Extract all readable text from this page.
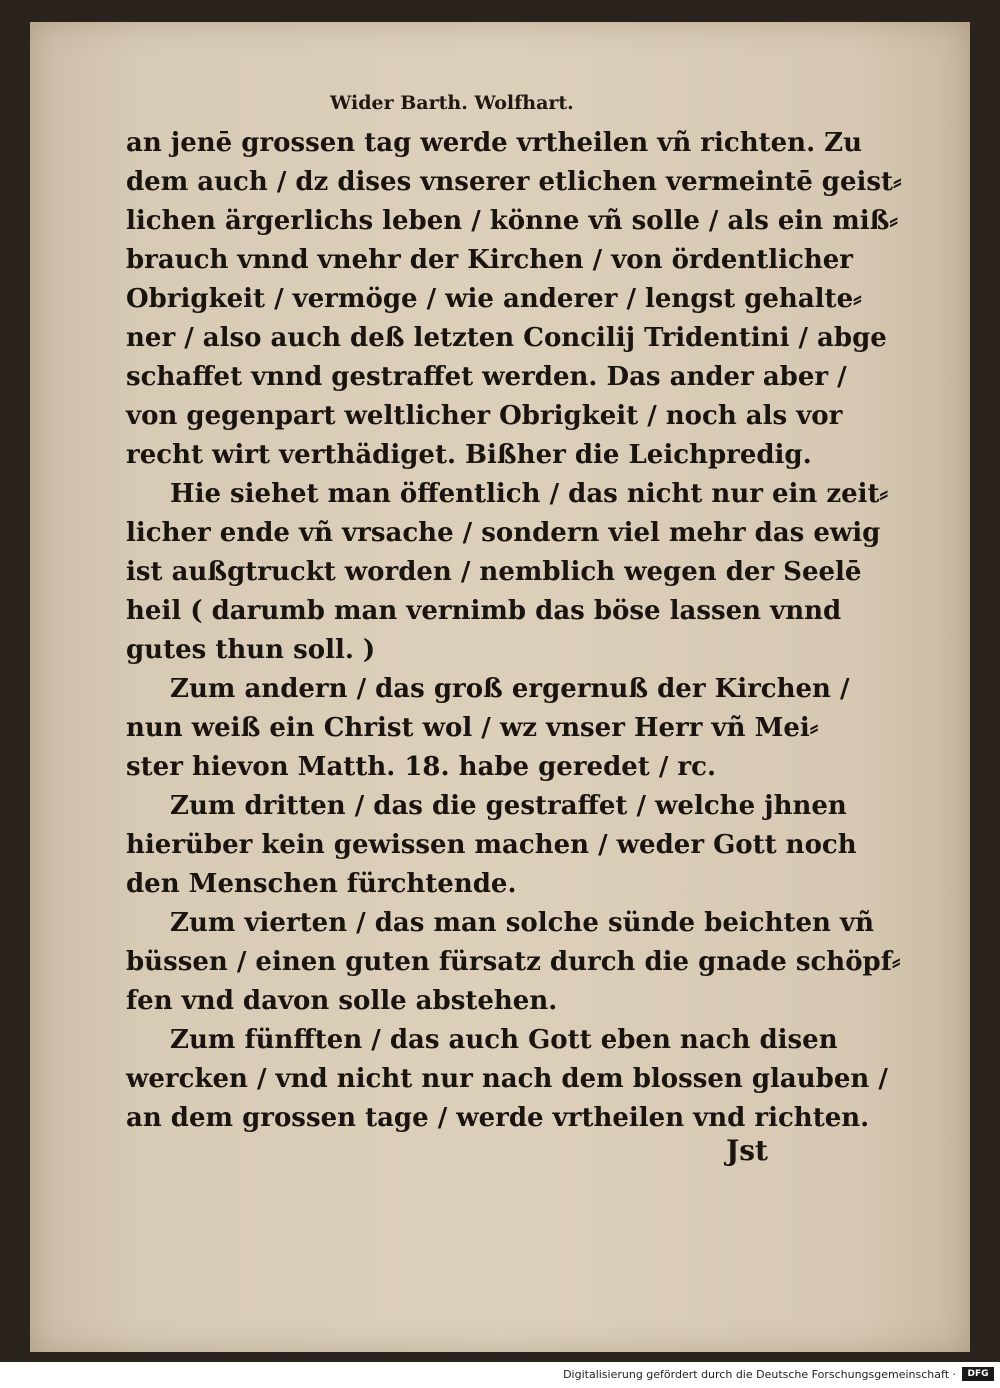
Wider Barth. Wolfhart.
an jenē grossen tag werde vrtheilen vñ richten. Zu
dem auch / dz dises vnserer etlichen vermeintē geist⸗
lichen ärgerlichs leben / könne vñ solle / als ein miß⸗
brauch vnnd vnehr der Kirchen / von ördentlicher
Obrigkeit / vermöge / wie anderer / lengst gehalte⸗
ner / also auch deß letzten Concilij Tridentini / abge
schaffet vnnd gestraffet werden. Das ander aber /
von gegenpart weltlicher Obrigkeit / noch als vor
recht wirt verthädiget. Bißher die Leichpredig.
Hie siehet man öffentlich / das nicht nur ein zeit⸗
licher ende vñ vrsache / sondern viel mehr das ewig
ist außgtruckt worden / nemblich wegen der Seelē
heil ( darumb man vernimb das böse lassen vnnd
gutes thun soll. )
Zum andern / das groß ergernuß der Kirchen /
nun weiß ein Christ wol / wz vnser Herr vñ Mei⸗
ster hievon Matth. 18. habe geredet / rc.
Zum dritten / das die gestraffet / welche jhnen
hierüber kein gewissen machen / weder Gott noch
den Menschen fürchtende.
Zum vierten / das man solche sünde beichten vñ
büssen / einen guten fürsatz durch die gnade schöpf⸗
fen vnd davon solle abstehen.
Zum fünfften / das auch Gott eben nach disen
wercken / vnd nicht nur nach dem blossen glauben /
an dem grossen tage / werde vrtheilen vnd richten.
Jst
Digitalisierung gefördert durch die Deutsche Forschungsgemeinschaft ·	DFG
